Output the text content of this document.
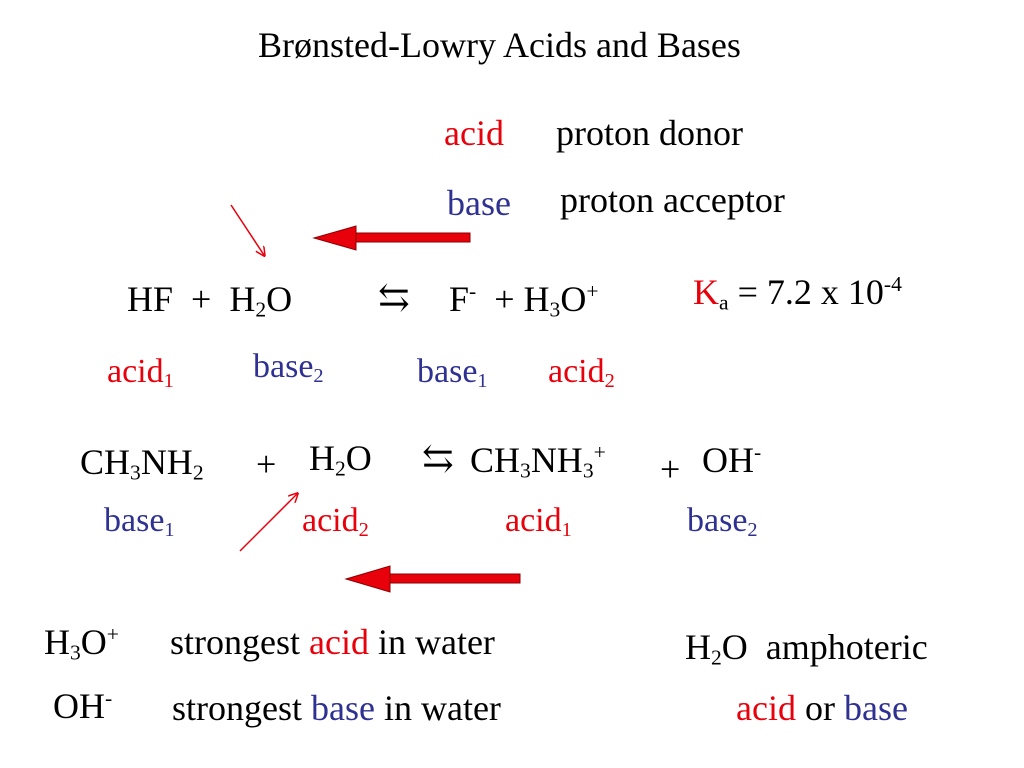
Brønsted-Lowry Acids and Bases
acid proton donor
base proton acceptor
HF + $H_2O$ ⇆ $F^- + H_3O^+$	$K_a = 7.2$ x $10^{-4}$
acid$_1$ base$_2$	base$_1$ acid$_2$
$CH_3NH_2 + H_2O$ ⇆ $CH_3NH_3^+ + OH^-$
base$_1$	acid$_2$	acid$_1$	base$_2$
$H_3O^+$ strongest acid in water
OH- strongest base in water
$H_2O$ amphoteric
acid or base
